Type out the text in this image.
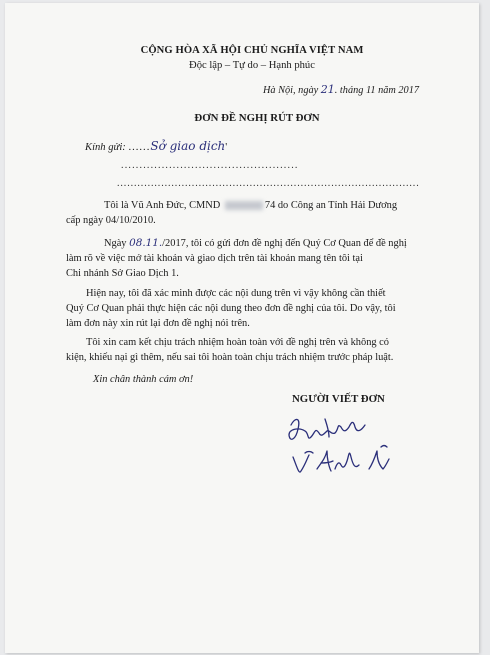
CỘNG HÒA XÃ HỘI CHỦ NGHĨA VIỆT NAM
Độc lập – Tự do – Hạnh phúc
Hà Nội, ngày 21. tháng 11 năm 2017
ĐƠN ĐỀ NGHỊ RÚT ĐƠN
Kính gửi: ......Sở giao dịch'
................................................
.........................................................................................
Tôi là Vũ Anh Đức, CMND	74 do Công an Tỉnh Hải Dương
cấp ngày 04/10/2010.
Ngày 08.11./2017, tôi có gửi đơn đề nghị đến Quý Cơ Quan để đề nghị
làm rõ về việc mở tài khoản và giao dịch trên tài khoản mang tên tôi tại
Chi nhánh Sở Giao Dịch 1.
Hiện nay, tôi đã xác minh được các nội dung trên vì vậy không cần thiết
Quý Cơ Quan phải thực hiện các nội dung theo đơn đề nghị của tôi. Do vậy, tôi
làm đơn này xin rút lại đơn đề nghị nói trên.
Tôi xin cam kết chịu trách nhiệm hoàn toàn với đề nghị trên và không có
kiện, khiếu nại gì thêm, nếu sai tôi hoàn toàn chịu trách nhiệm trước pháp luật.
Xin chân thành cám ơn!
NGƯỜI VIẾT ĐƠN
